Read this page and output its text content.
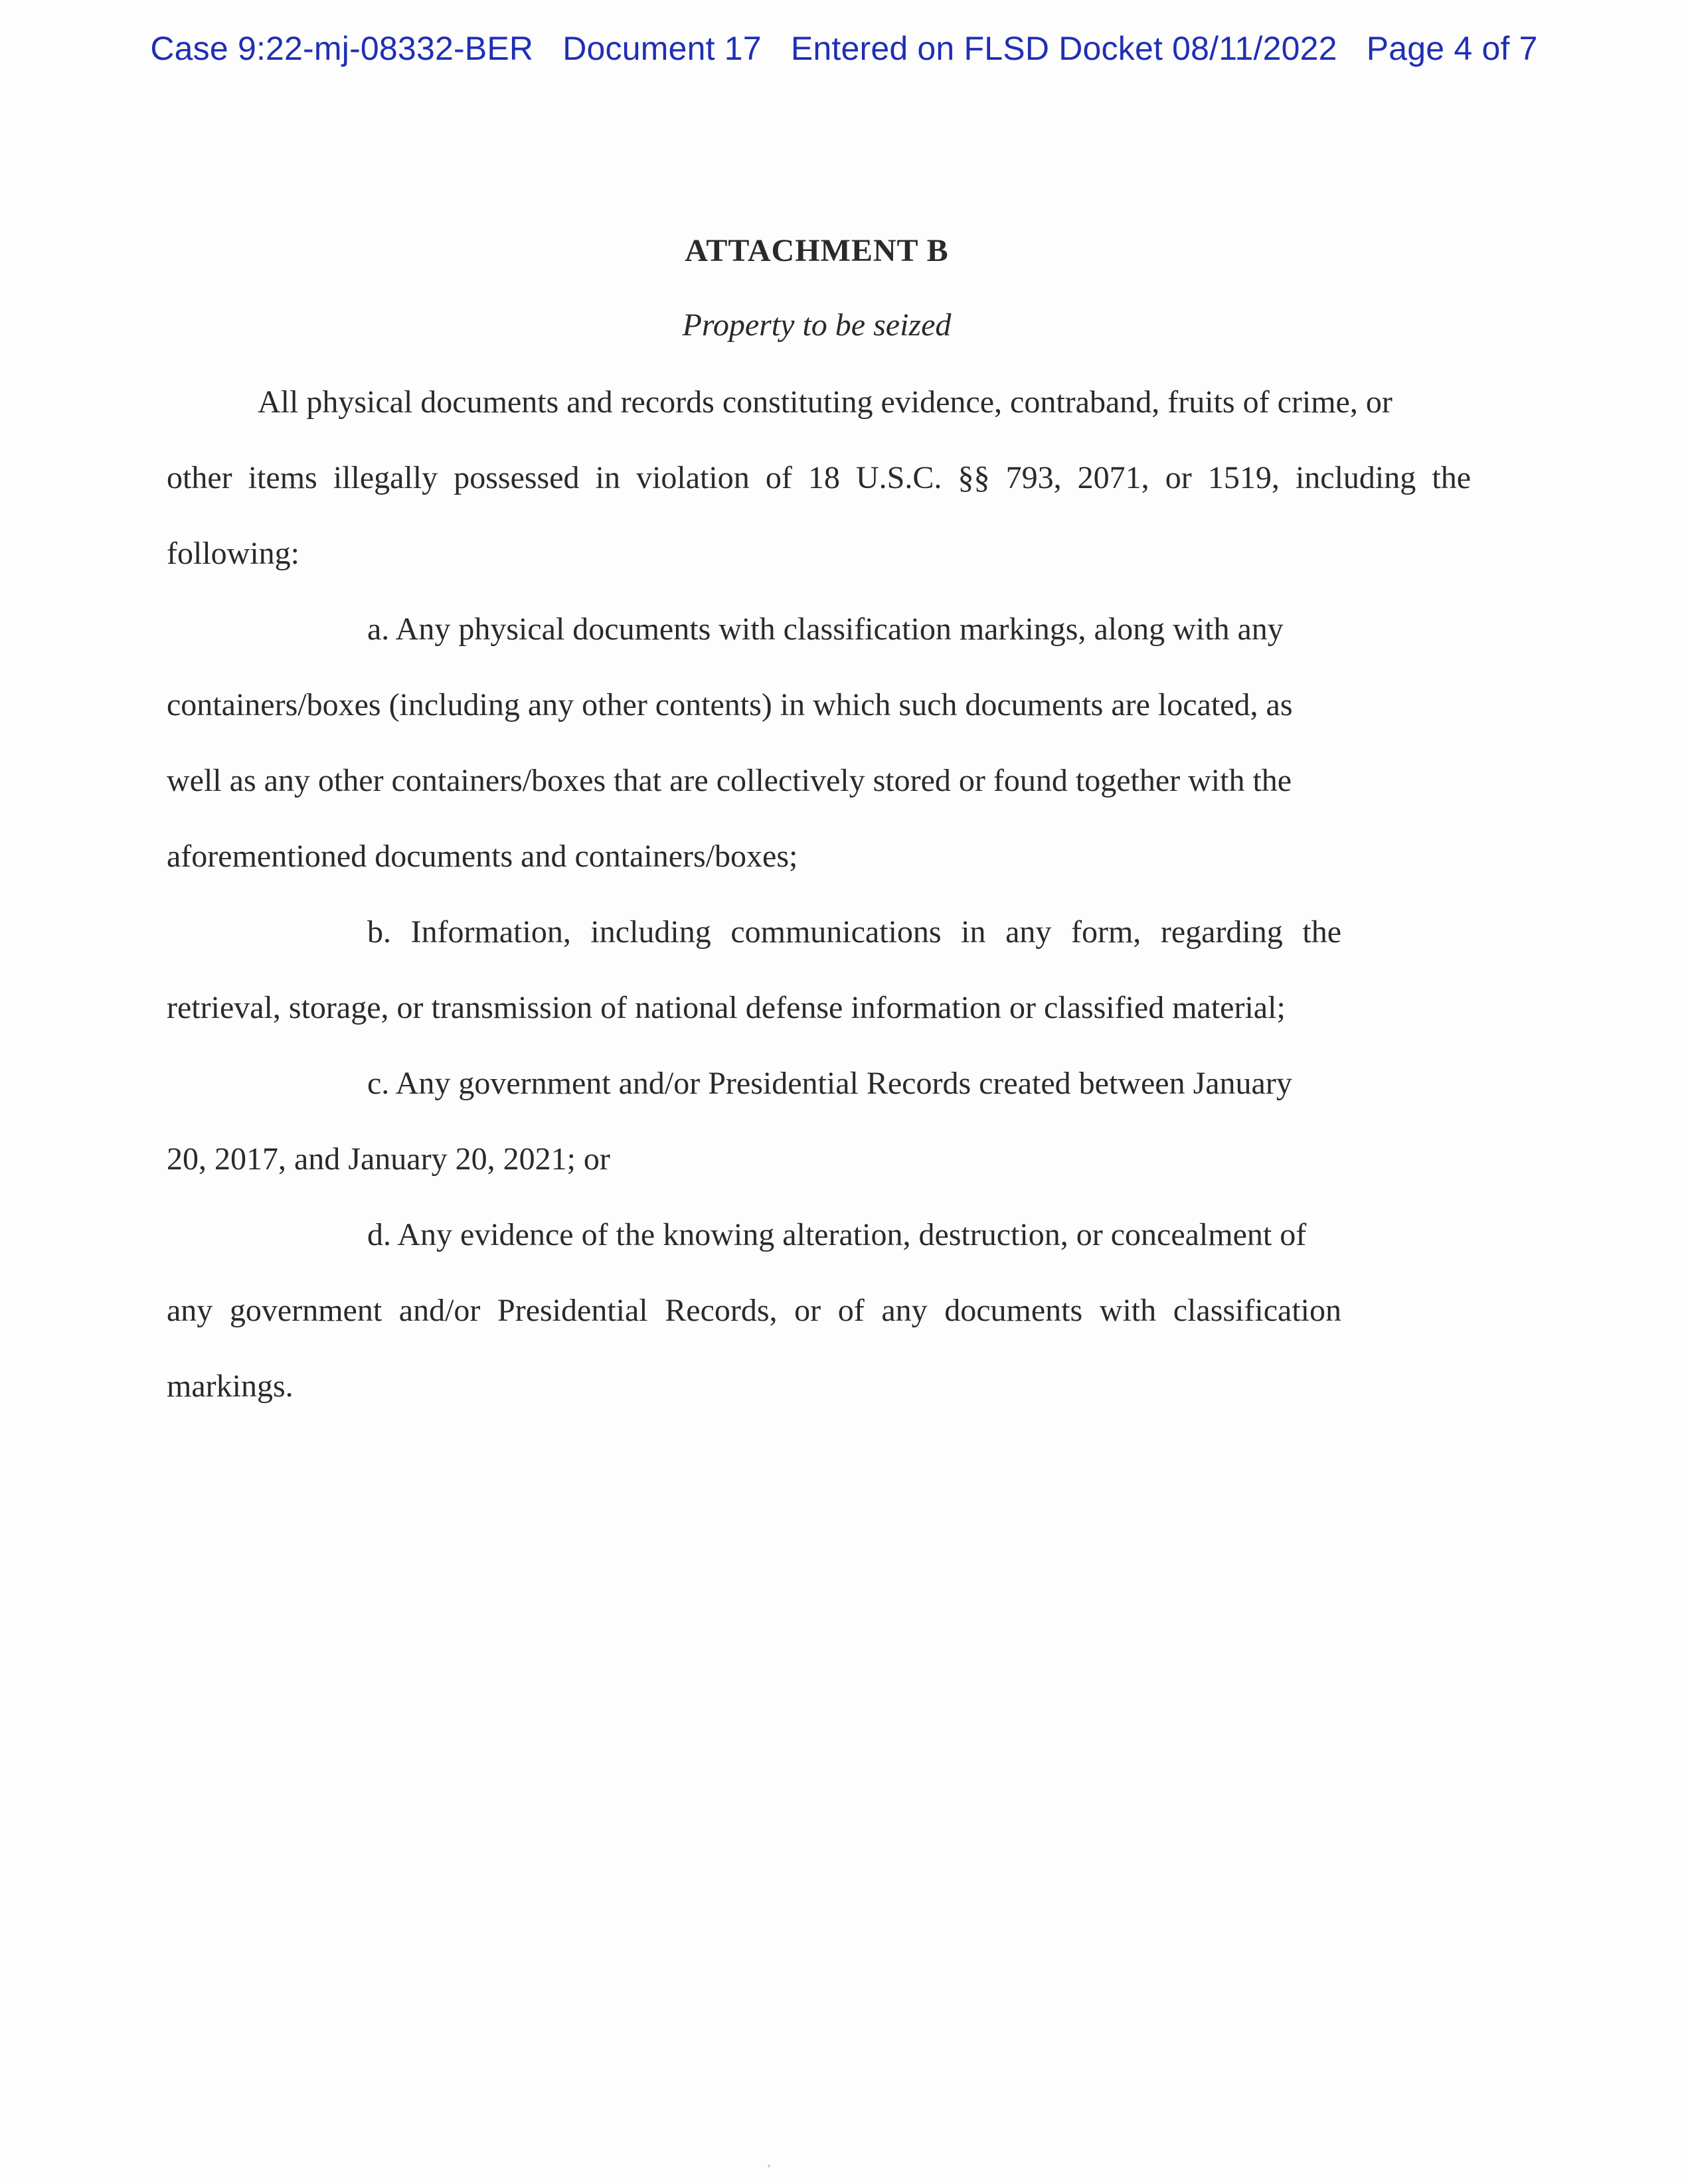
Case 9:22-mj-08332-BER Document 17 Entered on FLSD Docket 08/11/2022 Page 4 of 7
ATTACHMENT B
Property to be seized
All physical documents and records constituting evidence, contraband, fruits of crime, or
other items illegally possessed in violation of 18 U.S.C. §§ 793, 2071, or 1519, including the
following:
a. Any physical documents with classification markings, along with any
containers/boxes (including any other contents) in which such documents are located, as
well as any other containers/boxes that are collectively stored or found together with the
aforementioned documents and containers/boxes;
b. Information, including communications in any form, regarding the
retrieval, storage, or transmission of national defense information or classified material;
c. Any government and/or Presidential Records created between January
20, 2017, and January 20, 2021; or
d. Any evidence of the knowing alteration, destruction, or concealment of
any government and/or Presidential Records, or of any documents with classification
markings.
